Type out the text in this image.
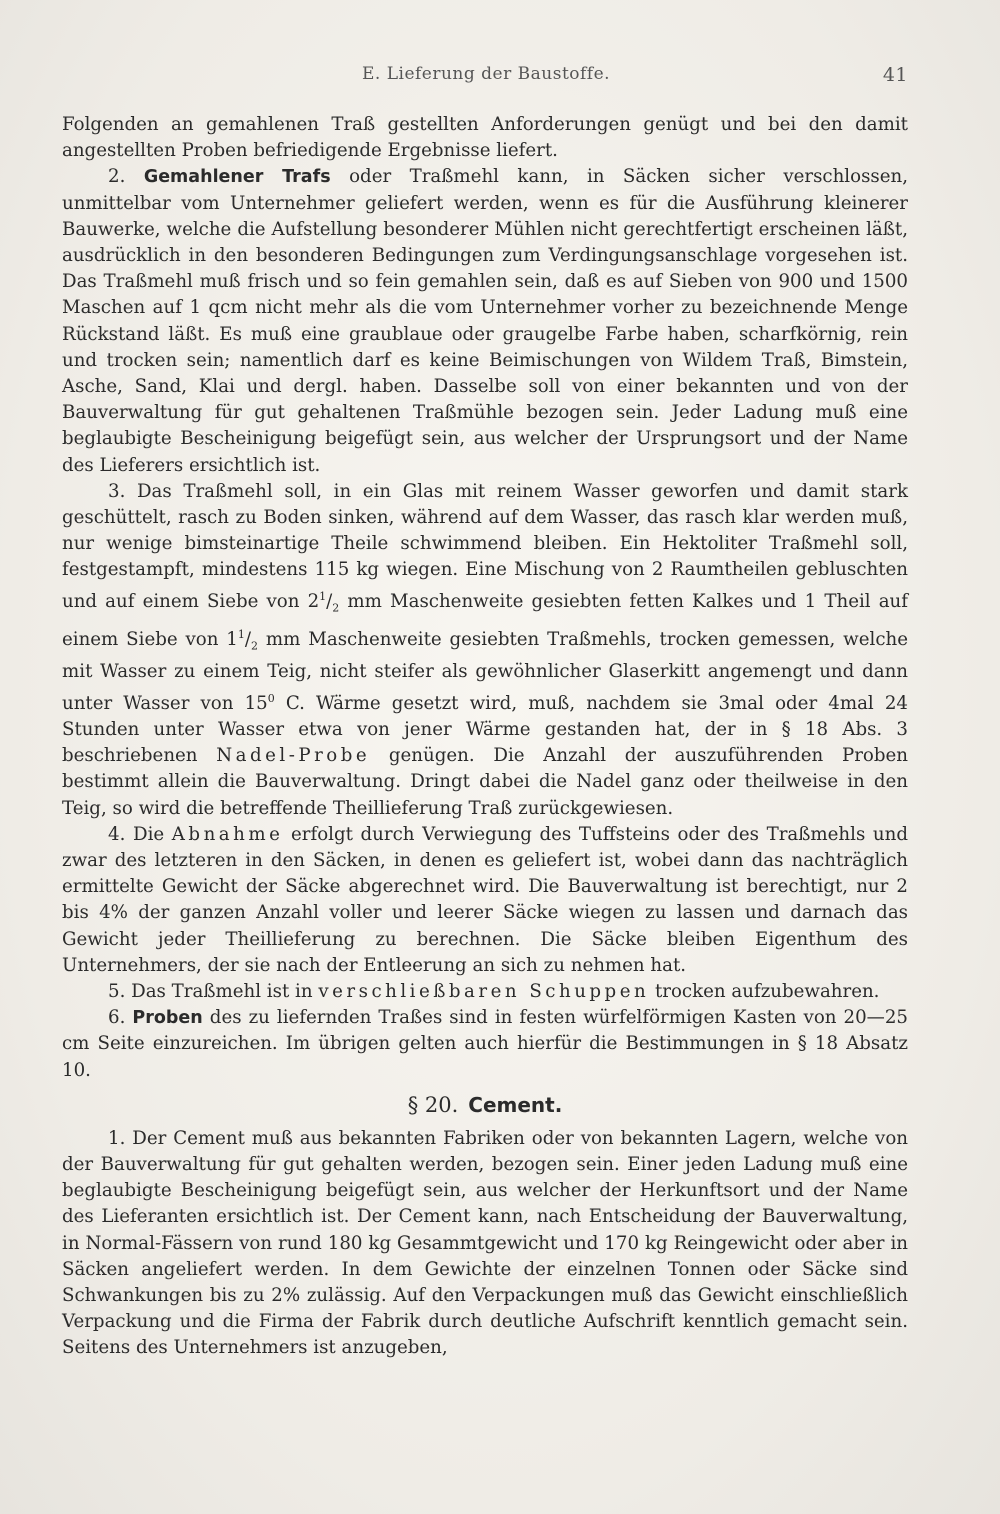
E. Lieferung der Baustoffe.	41

Folgenden an gemahlenen Traß gestellten Anforderungen genügt und bei den damit angestellten Proben befriedigende Ergebnisse liefert.

2. Gemahlener Trafs oder Traßmehl kann, in Säcken sicher verschlossen, unmittelbar vom Unternehmer geliefert werden, wenn es für die Ausführung kleinerer Bauwerke, welche die Aufstellung besonderer Mühlen nicht gerechtfertigt erscheinen läßt, ausdrücklich in den besonderen Bedingungen zum Verdingungsanschlage vorgesehen ist. Das Traßmehl muß frisch und so fein gemahlen sein, daß es auf Sieben von 900 und 1500 Maschen auf 1 qcm nicht mehr als die vom Unternehmer vorher zu bezeichnende Menge Rückstand läßt. Es muß eine graublaue oder graugelbe Farbe haben, scharfkörnig, rein und trocken sein; namentlich darf es keine Beimischungen von Wildem Traß, Bimstein, Asche, Sand, Klai und dergl. haben. Dasselbe soll von einer bekannten und von der Bauverwaltung für gut gehaltenen Traßmühle bezogen sein. Jeder Ladung muß eine beglaubigte Bescheinigung beigefügt sein, aus welcher der Ursprungsort und der Name des Lieferers ersichtlich ist.

3. Das Traßmehl soll, in ein Glas mit reinem Wasser geworfen und damit stark geschüttelt, rasch zu Boden sinken, während auf dem Wasser, das rasch klar werden muß, nur wenige bimsteinartige Theile schwimmend bleiben. Ein Hektoliter Traßmehl soll, festgestampft, mindestens 115 kg wiegen. Eine Mischung von 2 Raumtheilen gebluschten und auf einem Siebe von $2^1/_2$ mm Maschenweite gesiebten fetten Kalkes und 1 Theil auf einem Siebe von $1^1/_2$ mm Maschenweite gesiebten Traßmehls, trocken gemessen, welche mit Wasser zu einem Teig, nicht steifer als gewöhnlicher Glaserkitt angemengt und dann unter Wasser von $15^0$ C. Wärme gesetzt wird, muß, nachdem sie 3mal oder 4mal 24 Stunden unter Wasser etwa von jener Wärme gestanden hat, der in § 18 Abs. 3 beschriebenen Nadel-Probe genügen. Die Anzahl der auszuführenden Proben bestimmt allein die Bauverwaltung. Dringt dabei die Nadel ganz oder theilweise in den Teig, so wird die betreffende Theillieferung Traß zurückgewiesen.

4. Die Abnahme erfolgt durch Verwiegung des Tuffsteins oder des Traßmehls und zwar des letzteren in den Säcken, in denen es geliefert ist, wobei dann das nachträglich ermittelte Gewicht der Säcke abgerechnet wird. Die Bauverwaltung ist berechtigt, nur 2 bis 4% der ganzen Anzahl voller und leerer Säcke wiegen zu lassen und darnach das Gewicht jeder Theillieferung zu berechnen. Die Säcke bleiben Eigenthum des Unternehmers, der sie nach der Entleerung an sich zu nehmen hat.

5. Das Traßmehl ist in verschließbaren Schuppen trocken aufzubewahren.

6. Proben des zu liefernden Traßes sind in festen würfelförmigen Kasten von 20—25 cm Seite einzureichen. Im übrigen gelten auch hierfür die Bestimmungen in § 18 Absatz 10.

§ 20. Cement.

1. Der Cement muß aus bekannten Fabriken oder von bekannten Lagern, welche von der Bauverwaltung für gut gehalten werden, bezogen sein. Einer jeden Ladung muß eine beglaubigte Bescheinigung beigefügt sein, aus welcher der Herkunftsort und der Name des Lieferanten ersichtlich ist. Der Cement kann, nach Entscheidung der Bauverwaltung, in Normal-Fässern von rund 180 kg Gesammtgewicht und 170 kg Reingewicht oder aber in Säcken angeliefert werden. In dem Gewichte der einzelnen Tonnen oder Säcke sind Schwankungen bis zu 2% zulässig. Auf den Verpackungen muß das Gewicht einschließlich Verpackung und die Firma der Fabrik durch deutliche Aufschrift kenntlich gemacht sein. Seitens des Unternehmers ist anzugeben,
